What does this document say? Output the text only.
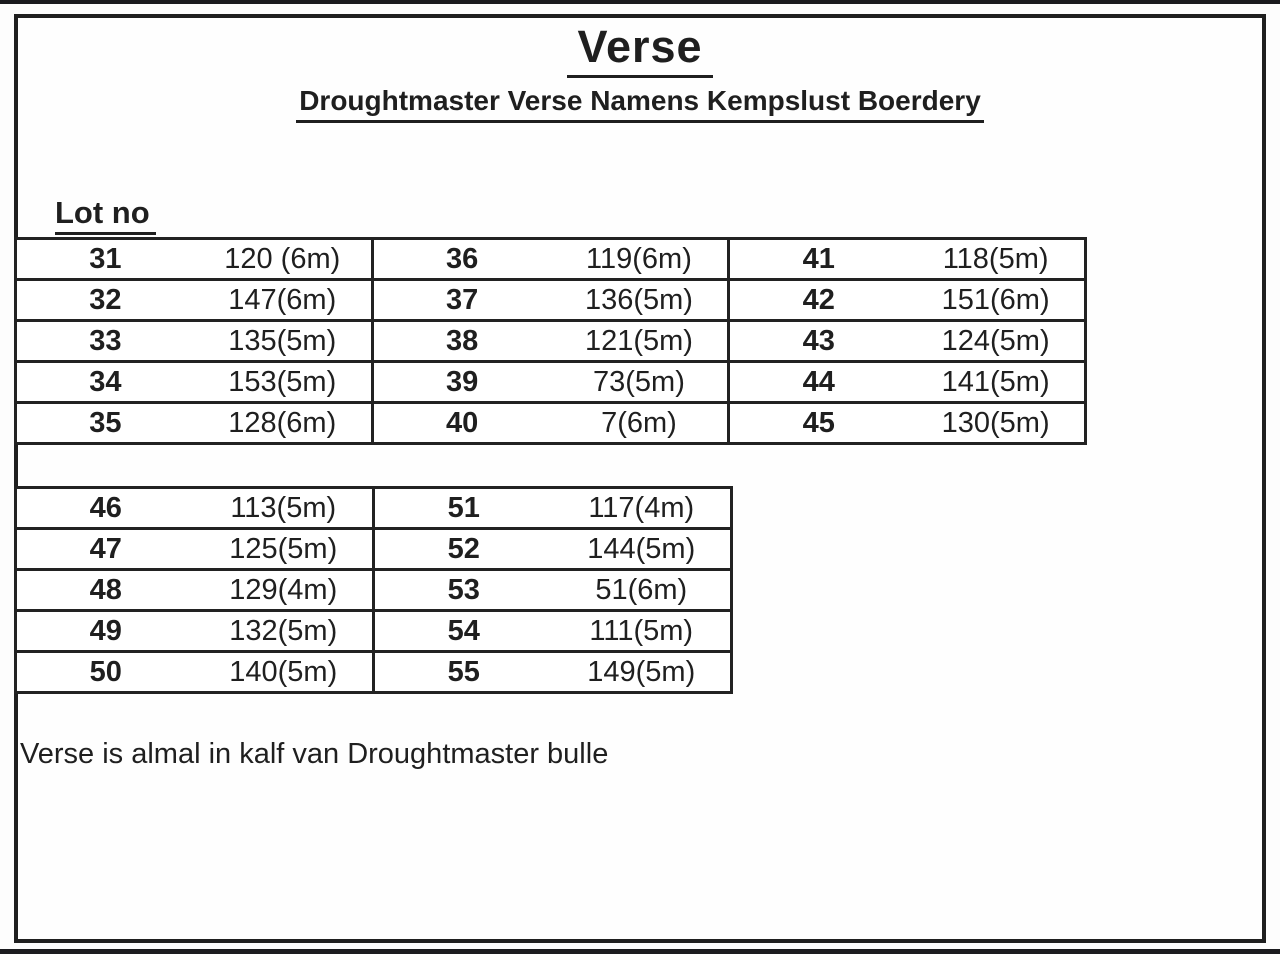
Verse
Droughtmaster Verse Namens Kempslust Boerdery
Lot no
31	120 (6m)	36	119(6m)	41	118(5m)
32	147(6m)	37	136(5m)	42	151(6m)
33	135(5m)	38	121(5m)	43	124(5m)
34	153(5m)	39	73(5m)	44	141(5m)
35	128(6m)	40	7(6m)	45	130(5m)
46	113(5m)	51	117(4m)
47	125(5m)	52	144(5m)
48	129(4m)	53	51(6m)
49	132(5m)	54	111(5m)
50	140(5m)	55	149(5m)
Verse is almal in kalf van Droughtmaster bulle
